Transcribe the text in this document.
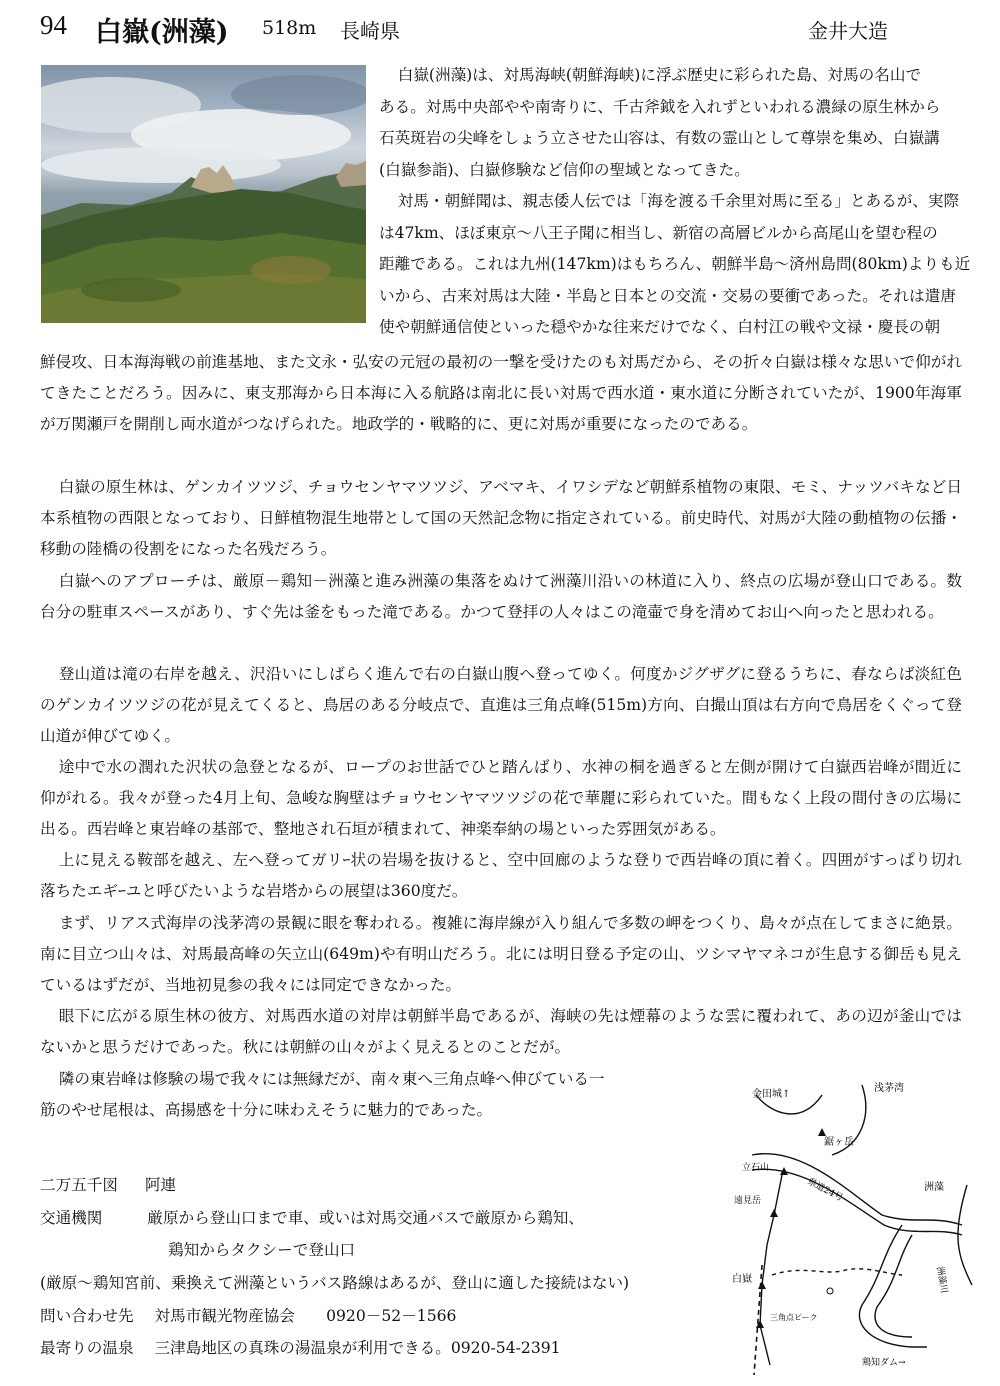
94 白嶽(洲藻) 518m 長崎県	金井大造
白嶽(洲藻)は、対馬海峡(朝鮮海峡)に浮ぶ歴史に彩られた島、対馬の名山で
ある。対馬中央部やや南寄りに、千古斧鉞を入れずといわれる濃緑の原生林から
石英斑岩の尖峰をしょう立させた山容は、有数の霊山として尊崇を集め、白嶽講
(白嶽参詣)、白嶽修験など信仰の聖域となってきた。
対馬・朝鮮聞は、親志倭人伝では「海を渡る千余里対馬に至る」とあるが、実際
は47km、ほぼ東京～八王子聞に相当し、新宿の高層ビルから高尾山を望む程の
距離である。これは九州(147km)はもちろん、朝鮮半島～済州島問(80km)よりも近
いから、古来対馬は大陸・半島と日本との交流・交易の要衝であった。それは遣唐
使や朝鮮通信使といった穏やかな往来だけでなく、白村江の戦や文禄・慶長の朝

鮮侵攻、日本海海戦の前進基地、また文永・弘安の元冠の最初の一撃を受けたのも対馬だから、その折々白嶽は様々な思いで仰がれてきたことだろう。因みに、東支那海から日本海に入る航路は南北に長い対馬で西水道・東水道に分断されていたが、1900年海軍が万関瀬戸を開削し両水道がつなげられた。地政学的・戦略的に、更に対馬が重要になったのである。

白嶽の原生林は、ゲンカイツツジ、チョウセンヤマツツジ、アベマキ、イワシデなど朝鮮系植物の東限、モミ、ナッツバキなど日本系植物の西限となっており、日鮮植物混生地帯として国の天然記念物に指定されている。前史時代、対馬が大陸の動植物の伝播・移動の陸橋の役割をになった名残だろう。

白嶽へのアプローチは、厳原－鶏知－洲藻と進み洲藻の集落をぬけて洲藻川沿いの林道に入り、終点の広場が登山口である。数台分の駐車スペースがあり、すぐ先は釜をもった滝である。かつて登拝の人々はこの滝壷で身を清めてお山へ向ったと思われる。

登山道は滝の右岸を越え、沢沿いにしばらく進んで右の白嶽山腹へ登ってゆく。何度かジグザグに登るうちに、春ならば淡紅色のゲンカイツツジの花が見えてくると、鳥居のある分岐点で、直進は三角点峰(515m)方向、白撮山頂は右方向で鳥居をくぐって登山道が伸びてゆく。

途中で水の潤れた沢状の急登となるが、ロープのお世話でひと踏んばり、水神の桐を過ぎると左側が開けて白嶽西岩峰が間近に仰がれる。我々が登った4月上旬、急峻な胸壁はチョウセンヤマツツジの花で華麗に彩られていた。間もなく上段の間付きの広場に出る。西岩峰と東岩峰の基部で、整地され石垣が積まれて、神楽奉納の場といった雰囲気がある。

上に見える鞍部を越え、左へ登ってガリｰ状の岩場を抜けると、空中回廊のような登りで西岩峰の頂に着く。四囲がすっぱり切れ落ちたエギｰユと呼びたいような岩塔からの展望は360度だ。

まず、リアス式海岸の浅茅湾の景観に眼を奪われる。複雑に海岸線が入り組んで多数の岬をつくり、島々が点在してまさに絶景。南に目立つ山々は、対馬最高峰の矢立山(649m)や有明山だろう。北には明日登る予定の山、ツシマヤマネコが生息する御岳も見えているはずだが、当地初見参の我々には同定できなかった。

眼下に広がる原生林の彼方、対馬西水道の対岸は朝鮮半島であるが、海峡の先は煙幕のような雲に覆われて、あの辺が釜山ではないかと思うだけであった。秋には朝鮮の山々がよく見えるとのことだが。

隣の東岩峰は修験の場で我々には無縁だが、南々東へ三角点峰へ伸びている一
筋のやせ尾根は、高揚感を十分に味わえそうに魅力的であった。
二万五千図 阿連
交通機関	厳原から登山口まで車、或いは対馬交通バスで厳原から鶏知、
鶏知からタクシーで登山口
(厳原～鶏知宮前、乗換えて洲藻というバス路線はあるが、登山に適した接続はない)
問い合わせ先 対馬市観光物産協会　　0920－52－1566
最寄りの温泉 三津島地区の真珠の湯温泉が利用できる。0920-54-2391
金田城↑
浅茅湾
鋸ヶ岳
立石山
遠見岳
洲藻
白嶽
三角点ピーク
鶏知ダム→
県道24号
洲藻川
